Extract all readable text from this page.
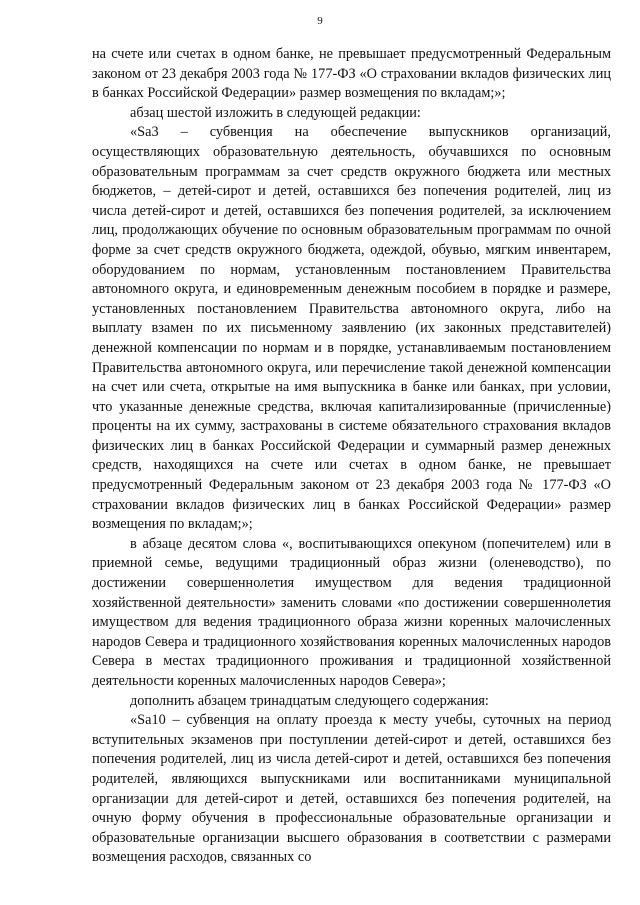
9

на счете или счетах в одном банке, не превышает предусмотренный Федеральным законом от 23 декабря 2003 года № 177-ФЗ «О страховании вкладов физических лиц в банках Российской Федерации» размер возмещения по вкладам;»;

абзац шестой изложить в следующей редакции:

«Sa3 – субвенция на обеспечение выпускников организаций, осуществляющих образовательную деятельность, обучавшихся по основным образовательным программам за счет средств окружного бюджета или местных бюджетов, – детей-сирот и детей, оставшихся без попечения родителей, лиц из числа детей-сирот и детей, оставшихся без попечения родителей, за исключением лиц, продолжающих обучение по основным образовательным программам по очной форме за счет средств окружного бюджета, одеждой, обувью, мягким инвентарем, оборудованием по нормам, установленным постановлением Правительства автономного округа, и единовременным денежным пособием в порядке и размере, установленных постановлением Правительства автономного округа, либо на выплату взамен по их письменному заявлению (их законных представителей) денежной компенсации по нормам и в порядке, устанавливаемым постановлением Правительства автономного округа, или перечисление такой денежной компенсации на счет или счета, открытые на имя выпускника в банке или банках, при условии, что указанные денежные средства, включая капитализированные (причисленные) проценты на их сумму, застрахованы в системе обязательного страхования вкладов физических лиц в банках Российской Федерации и суммарный размер денежных средств, находящихся на счете или счетах в одном банке, не превышает предусмотренный Федеральным законом от 23 декабря 2003 года № 177-ФЗ «О страховании вкладов физических лиц в банках Российской Федерации» размер возмещения по вкладам;»;

в абзаце десятом слова «, воспитывающихся опекуном (попечителем) или в приемной семье, ведущими традиционный образ жизни (оленеводство), по достижении совершеннолетия имуществом для ведения традиционной хозяйственной деятельности» заменить словами «по достижении совершеннолетия имуществом для ведения традиционного образа жизни коренных малочисленных народов Севера и традиционного хозяйствования коренных малочисленных народов Севера в местах традиционного проживания и традиционной хозяйственной деятельности коренных малочисленных народов Севера»;

дополнить абзацем тринадцатым следующего содержания:

«Sa10 – субвенция на оплату проезда к месту учебы, суточных на период вступительных экзаменов при поступлении детей-сирот и детей, оставшихся без попечения родителей, лиц из числа детей-сирот и детей, оставшихся без попечения родителей, являющихся выпускниками или воспитанниками муниципальной организации для детей-сирот и детей, оставшихся без попечения родителей, на очную форму обучения в профессиональные образовательные организации и образовательные организации высшего образования в соответствии с размерами возмещения расходов, связанных со
